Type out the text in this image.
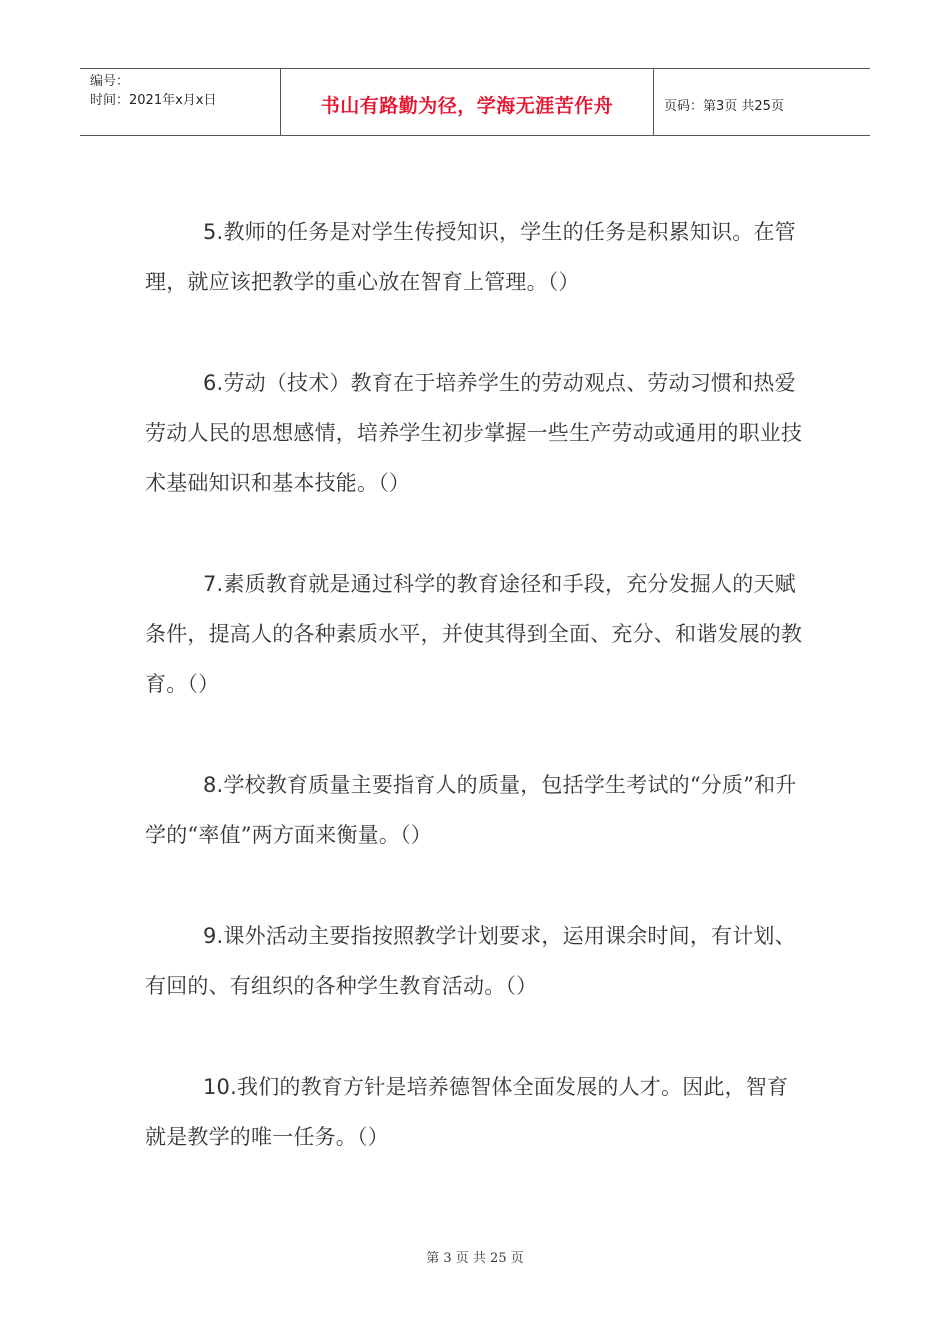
编号：
时间：2021年x月x日	书山有路勤为径，学海无涯苦作舟	页码：第3页 共25页

5.教师的任务是对学生传授知识，学生的任务是积累知识。在管理，就应该把教学的重心放在智育上管理。（）

6.劳动（技术）教育在于培养学生的劳动观点、劳动习惯和热爱劳动人民的思想感情，培养学生初步掌握一些生产劳动或通用的职业技术基础知识和基本技能。（）

7.素质教育就是通过科学的教育途径和手段，充分发掘人的天赋条件，提高人的各种素质水平，并使其得到全面、充分、和谐发展的教育。（）

8.学校教育质量主要指育人的质量，包括学生考试的“分质”和升学的“率值”两方面来衡量。（）

9.课外活动主要指按照教学计划要求，运用课余时间，有计划、有回的、有组织的各种学生教育活动。（）

10.我们的教育方针是培养德智体全面发展的人才。因此，智育就是教学的唯一任务。（）

第 3 页 共 25 页
